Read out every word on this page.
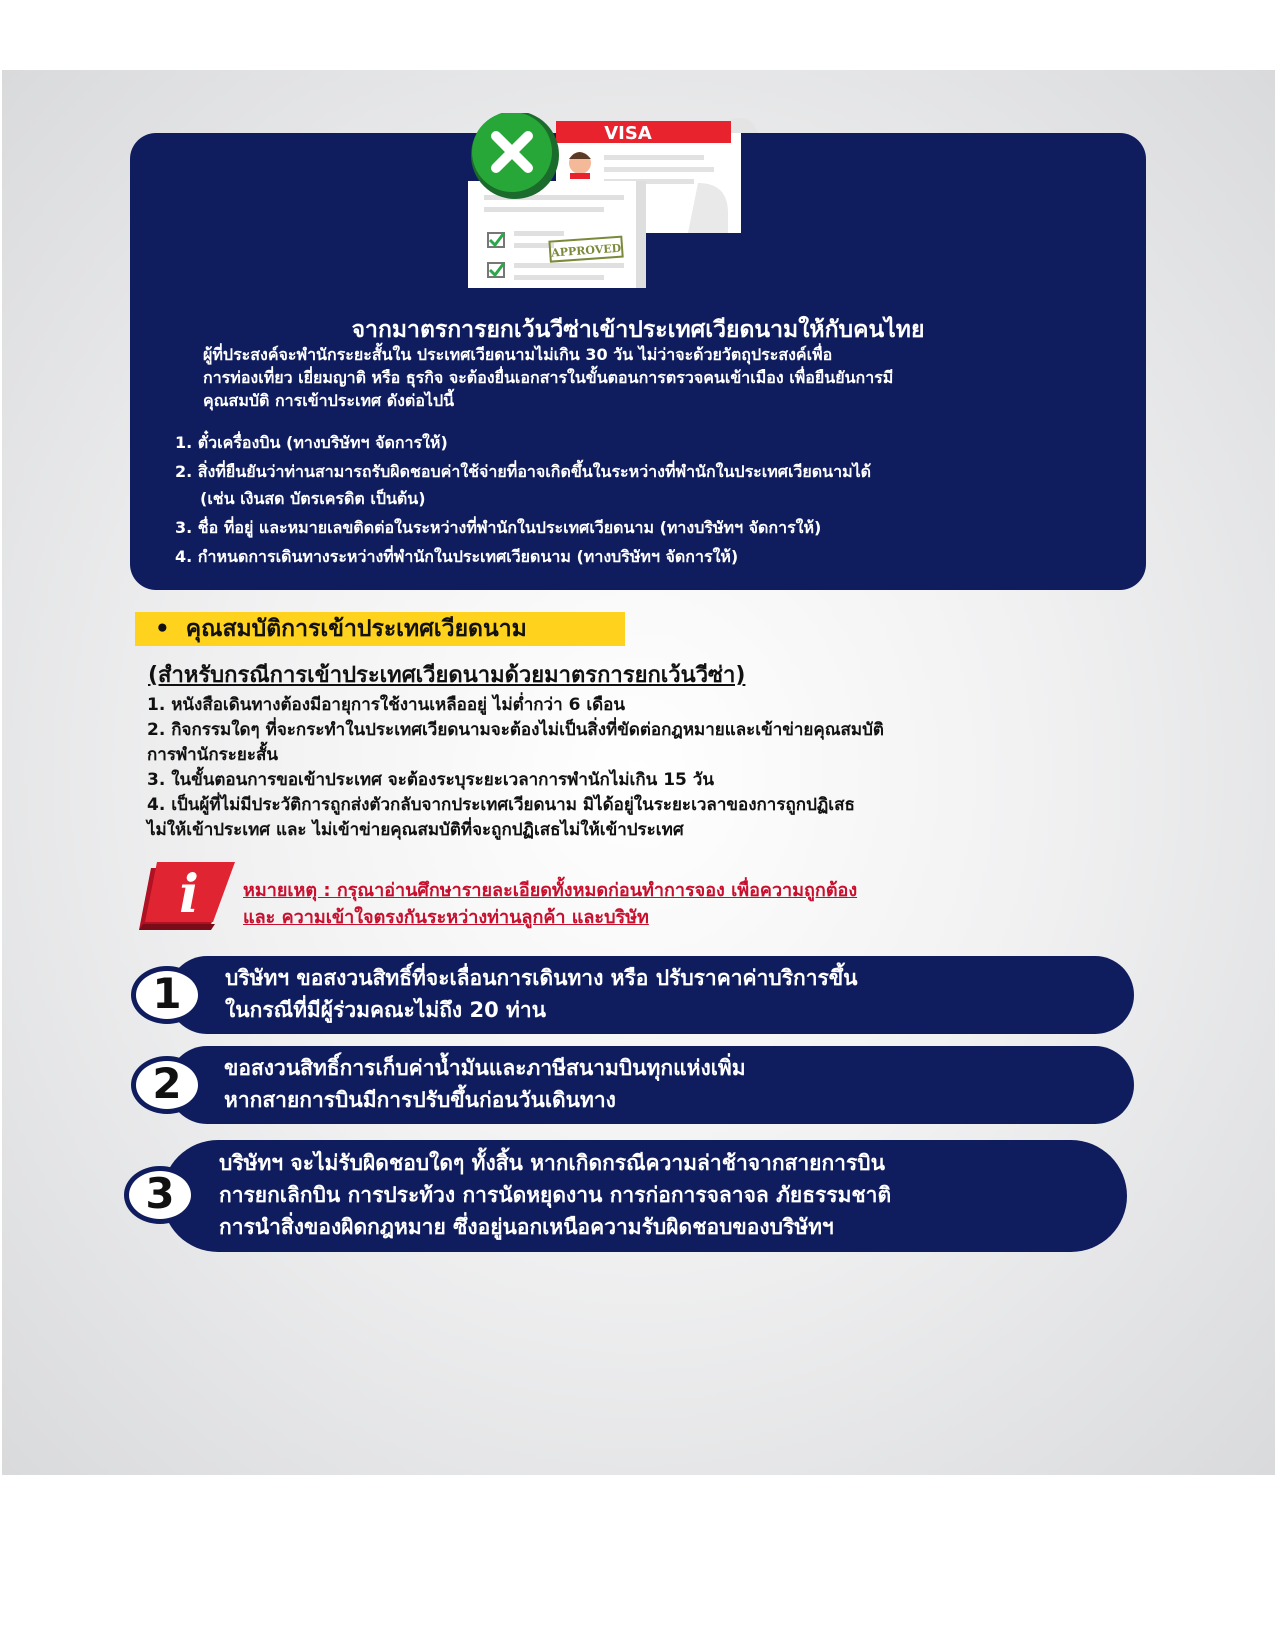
จากมาตรการยกเว้นวีซ่าเข้าประเทศเวียดนามให้กับคนไทย
ผู้ที่ประสงค์จะพำนักระยะสั้นใน ประเทศเวียดนามไม่เกิน 30 วัน ไม่ว่าจะด้วยวัตถุประสงค์เพื่อ
การท่องเที่ยว เยี่ยมญาติ หรือ ธุรกิจ จะต้องยื่นเอกสารในขั้นตอนการตรวจคนเข้าเมือง เพื่อยืนยันการมี
คุณสมบัติ การเข้าประเทศ ดังต่อไปนี้
1. ตั๋วเครื่องบิน (ทางบริษัทฯ จัดการให้)
2. สิ่งที่ยืนยันว่าท่านสามารถรับผิดชอบค่าใช้จ่ายที่อาจเกิดขึ้นในระหว่างที่พำนักในประเทศเวียดนามได้
(เช่น เงินสด บัตรเครดิต เป็นต้น)
3. ชื่อ ที่อยู่ และหมายเลขติดต่อในระหว่างที่พำนักในประเทศเวียดนาม (ทางบริษัทฯ จัดการให้)
4. กำหนดการเดินทางระหว่างที่พำนักในประเทศเวียดนาม (ทางบริษัทฯ จัดการให้)
VISA
APPROVED
• คุณสมบัติการเข้าประเทศเวียดนาม
(สำหรับกรณีการเข้าประเทศเวียดนามด้วยมาตรการยกเว้นวีซ่า)

1. หนังสือเดินทางต้องมีอายุการใช้งานเหลืออยู่ ไม่ต่ำกว่า 6 เดือน

2. กิจกรรมใดๆ ที่จะกระทำในประเทศเวียดนามจะต้องไม่เป็นสิ่งที่ขัดต่อกฎหมายและเข้าข่ายคุณสมบัติ

การพำนักระยะสั้น

3. ในขั้นตอนการขอเข้าประเทศ จะต้องระบุระยะเวลาการพำนักไม่เกิน 15 วัน

4. เป็นผู้ที่ไม่มีประวัติการถูกส่งตัวกลับจากประเทศเวียดนาม มิได้อยู่ในระยะเวลาของการถูกปฏิเสธ

ไม่ให้เข้าประเทศ และ ไม่เข้าข่ายคุณสมบัติที่จะถูกปฏิเสธไม่ให้เข้าประเทศ

i หมายเหตุ : กรุณาอ่านศึกษารายละเอียดทั้งหมดก่อนทำการจอง เพื่อความถูกต้อง
และ ความเข้าใจตรงกันระหว่างท่านลูกค้า และบริษัท
บริษัทฯ ขอสงวนสิทธิ์ที่จะเลื่อนการเดินทาง หรือ ปรับราคาค่าบริการขึ้น
ในกรณีที่มีผู้ร่วมคณะไม่ถึง 20 ท่าน
1
ขอสงวนสิทธิ์การเก็บค่าน้ำมันและภาษีสนามบินทุกแห่งเพิ่ม
หากสายการบินมีการปรับขึ้นก่อนวันเดินทาง
2
บริษัทฯ จะไม่รับผิดชอบใดๆ ทั้งสิ้น หากเกิดกรณีความล่าช้าจากสายการบิน
การยกเลิกบิน การประท้วง การนัดหยุดงาน การก่อการจลาจล ภัยธรรมชาติ
การนำสิ่งของผิดกฎหมาย ซึ่งอยู่นอกเหนือความรับผิดชอบของบริษัทฯ
3
